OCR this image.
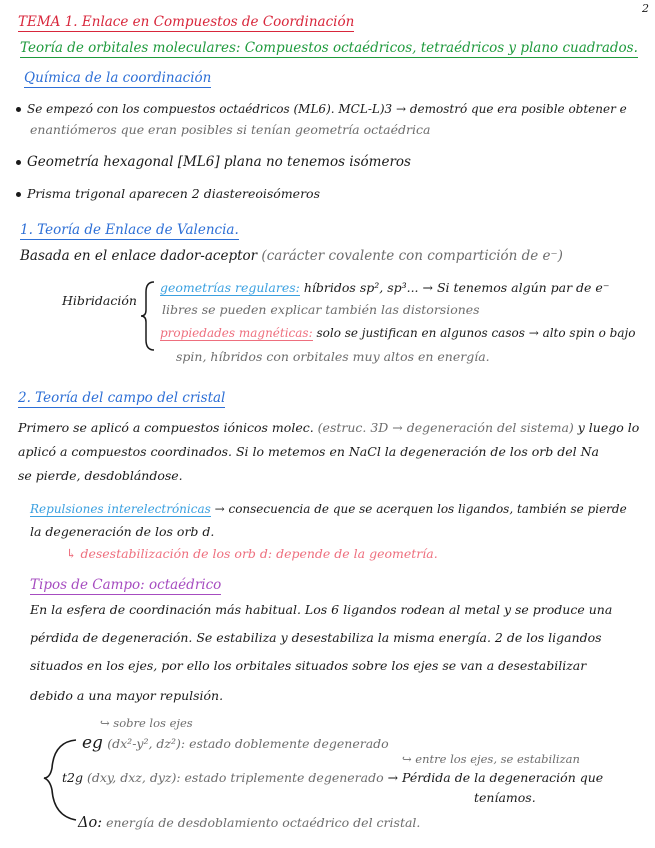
2
TEMA 1. Enlace en Compuestos de Coordinación
Teoría de orbitales moleculares: Compuestos octaédricos, tetraédricos y plano cuadrados.
Química de la coordinación
Se empezó con los compuestos octaédricos (ML6). MCL-L)3 → demostró que era posible obtener e
enantiómeros que eran posibles si tenían geometría octaédrica
Geometría hexagonal [ML6] plana no tenemos isómeros
Prisma trigonal aparecen 2 diastereoisómeros
1. Teoría de Enlace de Valencia.
Basada en el enlace dador-aceptor (carácter covalente con compartición de e⁻)
Hibridación
geometrías regulares: híbridos sp², sp³... → Si tenemos algún par de e⁻
libres se pueden explicar también las distorsiones
propiedades magnéticas: solo se justifican en algunos casos → alto spin o bajo
spin, híbridos con orbitales muy altos en energía.
2. Teoría del campo del cristal
Primero se aplicó a compuestos iónicos molec. (estruc. 3D → degeneración del sistema) y luego lo
aplicó a compuestos coordinados. Si lo metemos en NaCl la degeneración de los orb del Na
se pierde, desdoblándose.
Repulsiones interelectrónicas → consecuencia de que se acerquen los ligandos, también se pierde
la degeneración de los orb d.
↳ desestabilización de los orb d: depende de la geometría.
Tipos de Campo: octaédrico
En la esfera de coordinación más habitual. Los 6 ligandos rodean al metal y se produce una
pérdida de degeneración. Se estabiliza y desestabiliza la misma energía. 2 de los ligandos
situados en los ejes, por ello los orbitales situados sobre los ejes se van a desestabilizar
debido a una mayor repulsión.
↪ sobre los ejes
eg (dx²-y², dz²): estado doblemente degenerado
↪ entre los ejes, se estabilizan
t2g (dxy, dxz, dyz): estado triplemente degenerado → Pérdida de la degeneración que
teníamos.
Δo: energía de desdoblamiento octaédrico del cristal.
